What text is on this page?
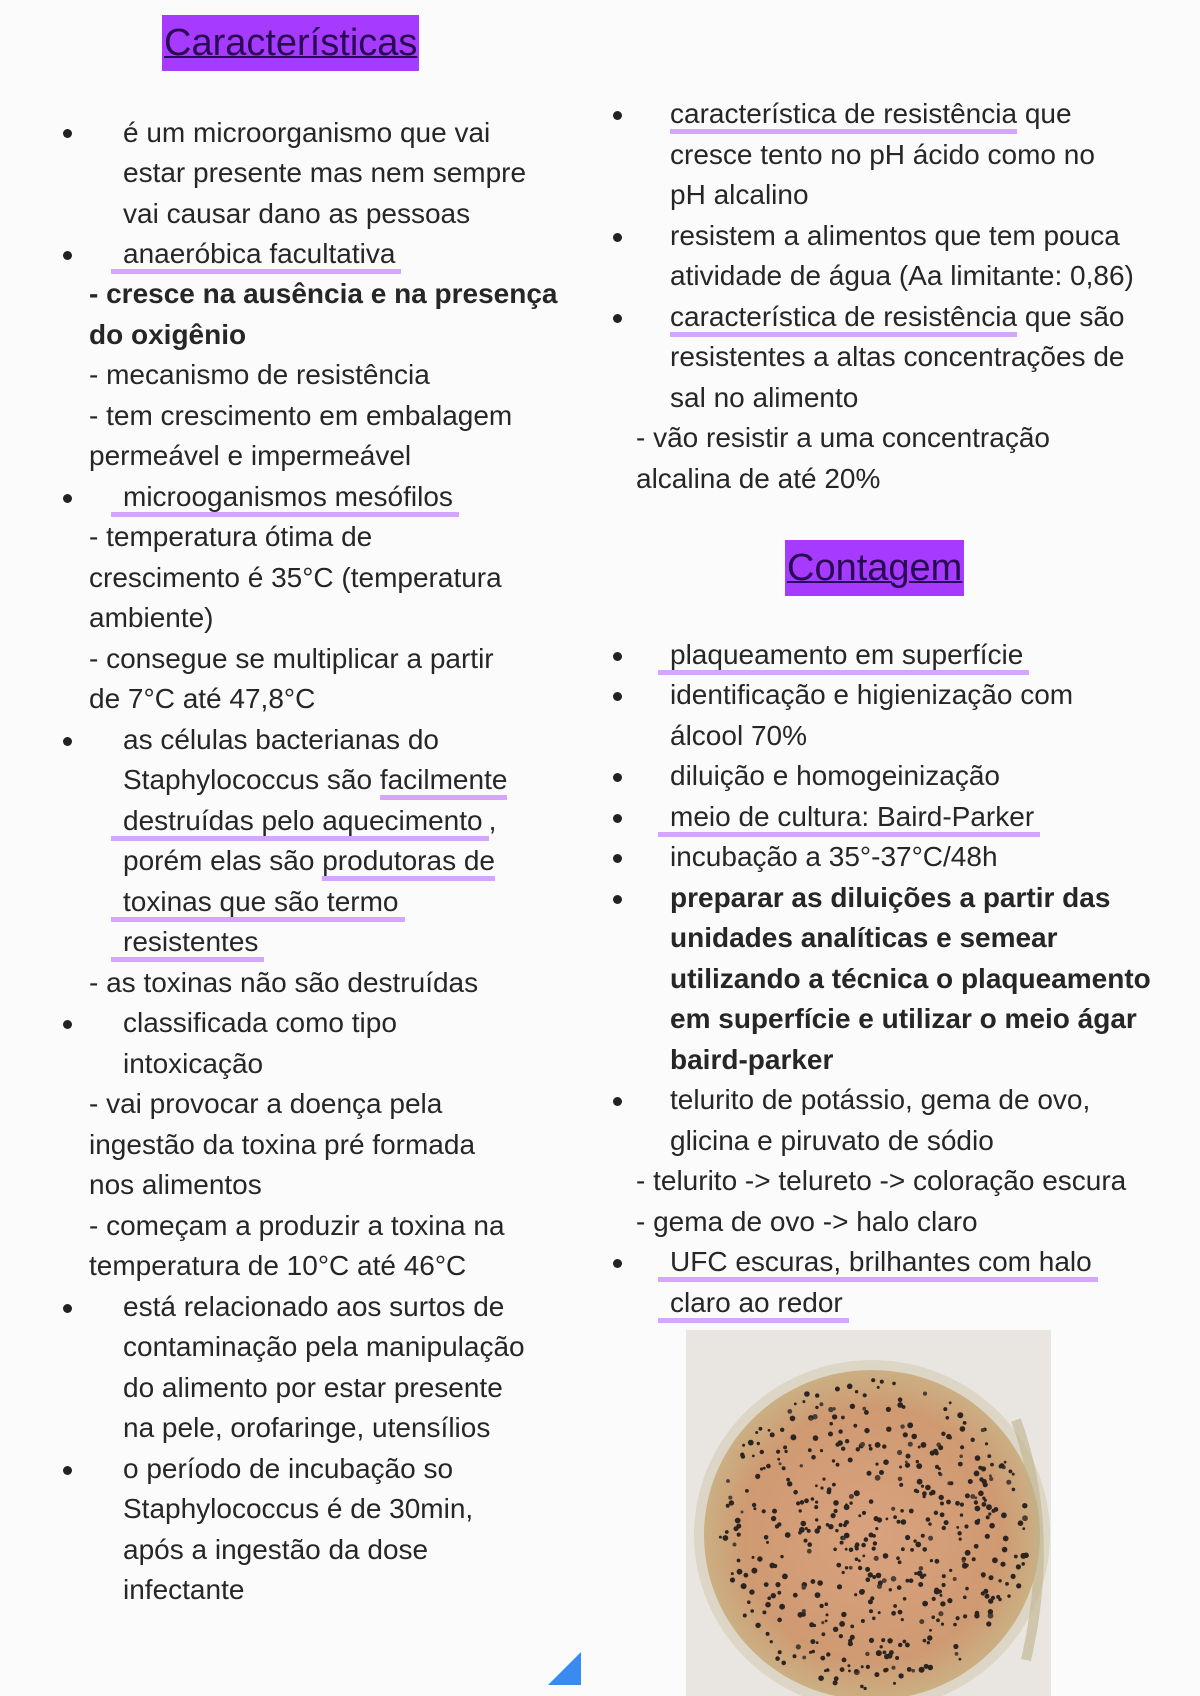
Características
é um microorganismo que vai
estar presente mas nem sempre
vai causar dano as pessoas
anaeróbica facultativa
- cresce na ausência e na presença
do oxigênio
- mecanismo de resistência
- tem crescimento em embalagem
permeável e impermeável
microoganismos mesófilos
- temperatura ótima de
crescimento é 35°C (temperatura
ambiente)
- consegue se multiplicar a partir
de 7°C até 47,8°C
as células bacterianas do
Staphylococcus são facilmente
destruídas pelo aquecimento ,
porém elas são produtoras de
toxinas que são termo
resistentes
- as toxinas não são destruídas
classificada como tipo
intoxicação
- vai provocar a doença pela
ingestão da toxina pré formada
nos alimentos
- começam a produzir a toxina na
temperatura de 10°C até 46°C
está relacionado aos surtos de
contaminação pela manipulação
do alimento por estar presente
na pele, orofaringe, utensílios
o período de incubação so
Staphylococcus é de 30min,
após a ingestão da dose
infectante
característica de resistência que
cresce tento no pH ácido como no
pH alcalino
resistem a alimentos que tem pouca
atividade de água (Aa limitante: 0,86)
característica de resistência que são
resistentes a altas concentrações de
sal no alimento
- vão resistir a uma concentração
alcalina de até 20%
Contagem
plaqueamento em superfície
identificação e higienização com
álcool 70%
diluição e homogeinização
meio de cultura: Baird-Parker
incubação a 35°-37°C/48h
preparar as diluições a partir das
unidades analíticas e semear
utilizando a técnica o plaqueamento
em superfície e utilizar o meio ágar
baird-parker
telurito de potássio, gema de ovo,
glicina e piruvato de sódio
- telurito -> telureto -> coloração escura
- gema de ovo -> halo claro
UFC escuras, brilhantes com halo
claro ao redor
